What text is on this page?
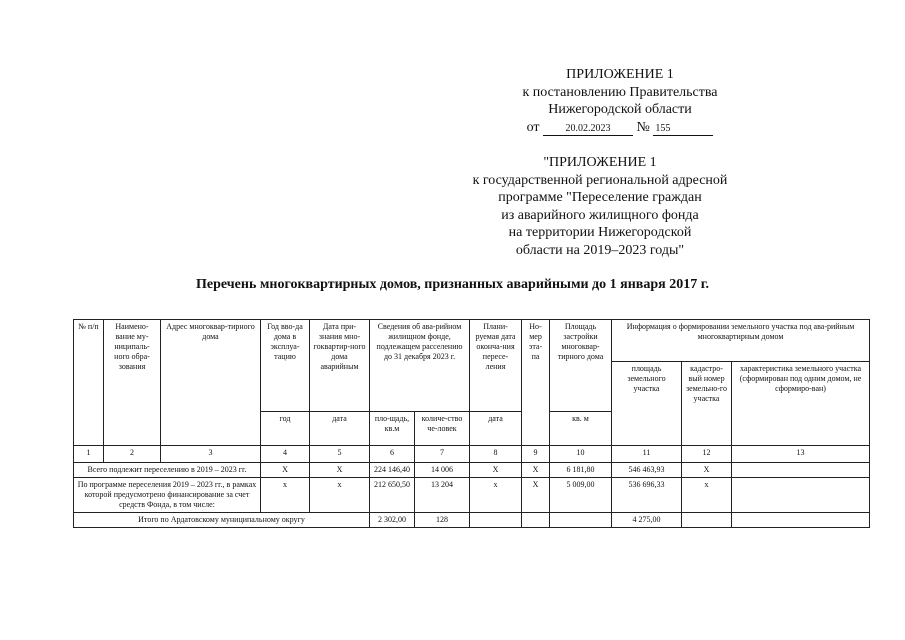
ПРИЛОЖЕНИЕ 1
к постановлению Правительства
Нижегородской области
от	20.02.2023 № 155
"ПРИЛОЖЕНИЕ 1
к государственной региональной адресной
программе "Переселение граждан
из аварийного жилищного фонда
на территории Нижегородской
области на 2019–2023 годы"
Перечень многоквартирных домов, признанных аварийными до 1 января 2017 г.
№ п/п	Наимено-вание му-ниципаль-ного обра-зования	Адрес многоквар-тирного дома	Год вво-да дома в эксплуа-тацию	Дата при-знания мно-гоквартир-ного дома аварийным	Сведения об ава-рийном жилищном фонде, подлежащем расселению до 31 декабря 2023 г.		Плани-руемая дата окончa-ния пересе-ления	Но-мер эта-па	Площадь застройки многоквар-тирного дома	Информация о формировании земельного участка под ава-рийным многоквартирным домом		
										площадь земельного участка	кадастро-вый номер земельно-го участка	характеристика земельного участка (сформирован под одним домом, не сформиро-ван)
			год	дата	пло-щадь, кв.м	количе-ство че-ловек	дата		кв. м			
1	2	3	4	5	6	7	8	9	10	11	12	13
Всего подлежит переселению в 2019 – 2023 гг.			X	X	224 146,40	14 006	X	X	6 181,80	546 463,93	X	
По программе переселения 2019 – 2023 гг., в рамках которой предусмотрено финансирование за счет средств Фонда, в том числе:			x	x	212 650,50	13 204	x	X	5 009,00	536 696,33	x	
Итого по Ардатовскому муниципальному округу					2 302,00	128				4 275,00		
